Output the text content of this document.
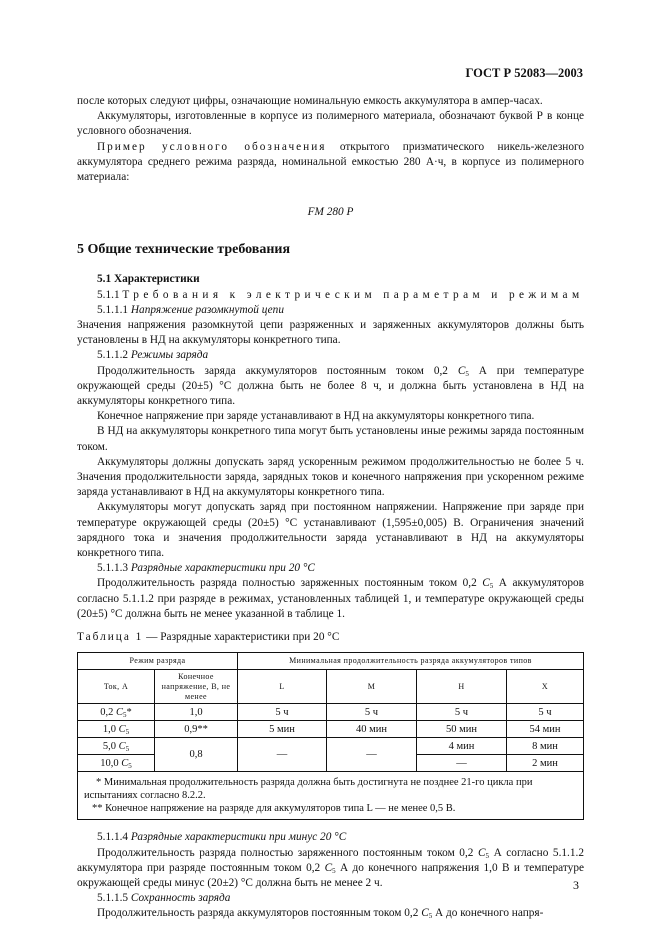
ГОСТ Р 52083—2003

после которых следуют цифры, означающие номинальную емкость аккумулятора в ампер-часах.

Аккумуляторы, изготовленные в корпусе из полимерного материала, обозначают буквой Р в конце условного обозначения.

Пример условного обозначения открытого призматического никель-железного аккумулятора среднего режима разряда, номинальной емкостью 280 А·ч, в корпусе из полимерного материала:

FM 280 P
5 Общие технические требования

5.1 Характеристики

5.1.1 Требования к электрическим параметрам и режимам

5.1.1.1 Напряжение разомкнутой цепи

Значения напряжения разомкнутой цепи разряженных и заряженных аккумуляторов должны быть установлены в НД на аккумуляторы конкретного типа.

5.1.1.2 Режимы заряда

Продолжительность заряда аккумуляторов постоянным током 0,2 $C_5$ А при температуре окружающей среды (20±5) °С должна быть не более 8 ч, и должна быть установлена в НД на аккумуляторы конкретного типа.

Конечное напряжение при заряде устанавливают в НД на аккумуляторы конкретного типа.

В НД на аккумуляторы конкретного типа могут быть установлены иные режимы заряда постоянным током.

Аккумуляторы должны допускать заряд ускоренным режимом продолжительностью не более 5 ч. Значения продолжительности заряда, зарядных токов и конечного напряжения при ускоренном режиме заряда устанавливают в НД на аккумуляторы конкретного типа.

Аккумуляторы могут допускать заряд при постоянном напряжении. Напряжение при заряде при температуре окружающей среды (20±5) °С устанавливают (1,595±0,005) В. Ограничения значений зарядного тока и значения продолжительности заряда устанавливают в НД на аккумуляторы конкретного типа.

5.1.1.3 Разрядные характеристики при 20 °С

Продолжительность разряда полностью заряженных постоянным током 0,2 $C_5$ А аккумуляторов согласно 5.1.1.2 при разряде в режимах, установленных таблицей 1, и температуре окружающей среды (20±5) °С должна быть не менее указанной в таблице 1.

Таблица 1 — Разрядные характеристики при 20 °С

Режим разряда		Минимальная продолжительность разряда аккумуляторов типов			
Ток, А	Конечное напряжение, В, не менее	L	M	H	X
0,2 $C_5*$	1,0	5 ч	5 ч	5 ч	5 ч
1,0 $C_5$	0,9**	5 мин	40 мин	50 мин	54 мин
5,0 $C_5$	0,8	—	—	4 мин	8 мин
10,0 $C_5$				—	2 мин

* Минимальная продолжительность разряда должна быть достигнута не позднее 21-го цикла при испытаниях согласно 8.2.2.
** Конечное напряжение на разряде для аккумуляторов типа L — не менее 0,5 В.					

5.1.1.4 Разрядные характеристики при минус 20 °С

Продолжительность разряда полностью заряженного постоянным током 0,2 $C_5$ А согласно 5.1.1.2 аккумулятора при разряде постоянным током 0,2 $C_5$ А до конечного напряжения 1,0 В и температуре окружающей среды минус (20±2) °С должна быть не менее 2 ч.

5.1.1.5 Сохранность заряда

Продолжительность разряда аккумуляторов постоянным током 0,2 $C_5$ А до конечного напря-

3
